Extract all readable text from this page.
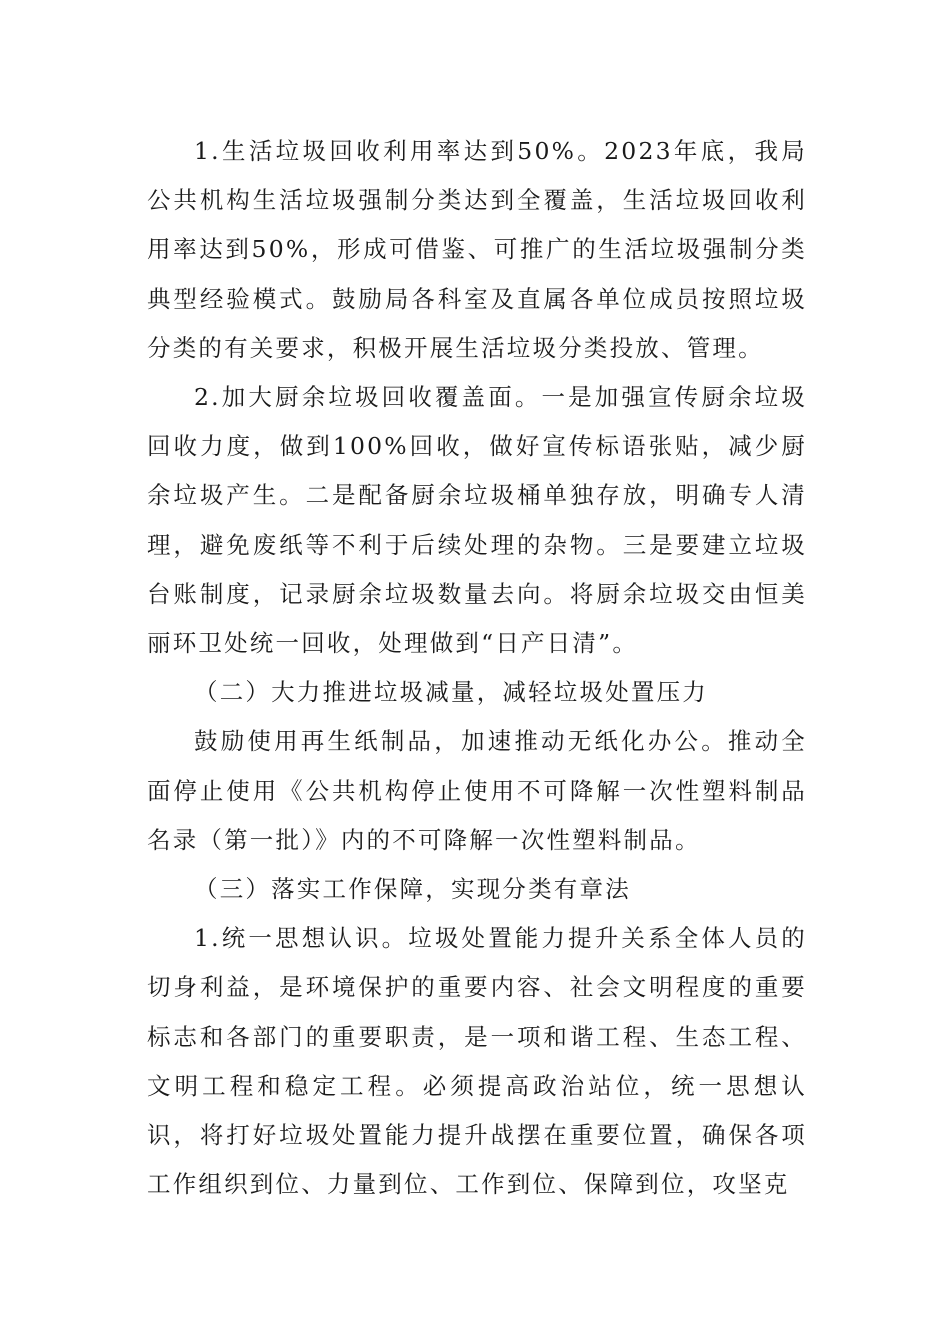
1.生活垃圾回收利用率达到50%。2023年底，我局公共机构生活垃圾强制分类达到全覆盖，生活垃圾回收利用率达到50%，形成可借鉴、可推广的生活垃圾强制分类典型经验模式。鼓励局各科室及直属各单位成员按照垃圾分类的有关要求，积极开展生活垃圾分类投放、管理。

2.加大厨余垃圾回收覆盖面。一是加强宣传厨余垃圾回收力度，做到100%回收，做好宣传标语张贴，减少厨余垃圾产生。二是配备厨余垃圾桶单独存放，明确专人清理，避免废纸等不利于后续处理的杂物。三是要建立垃圾台账制度，记录厨余垃圾数量去向。将厨余垃圾交由恒美丽环卫处统一回收，处理做到“日产日清”。

（二）大力推进垃圾减量，减轻垃圾处置压力

鼓励使用再生纸制品，加速推动无纸化办公。推动全面停止使用《公共机构停止使用不可降解一次性塑料制品名录（第一批）》内的不可降解一次性塑料制品。

（三）落实工作保障，实现分类有章法

1.统一思想认识。垃圾处置能力提升关系全体人员的切身利益，是环境保护的重要内容、社会文明程度的重要标志和各部门的重要职责，是一项和谐工程、生态工程、文明工程和稳定工程。必须提高政治站位，统一思想认识，将打好垃圾处置能力提升战摆在重要位置，确保各项工作组织到位、力量到位、工作到位、保障到位，攻坚克
